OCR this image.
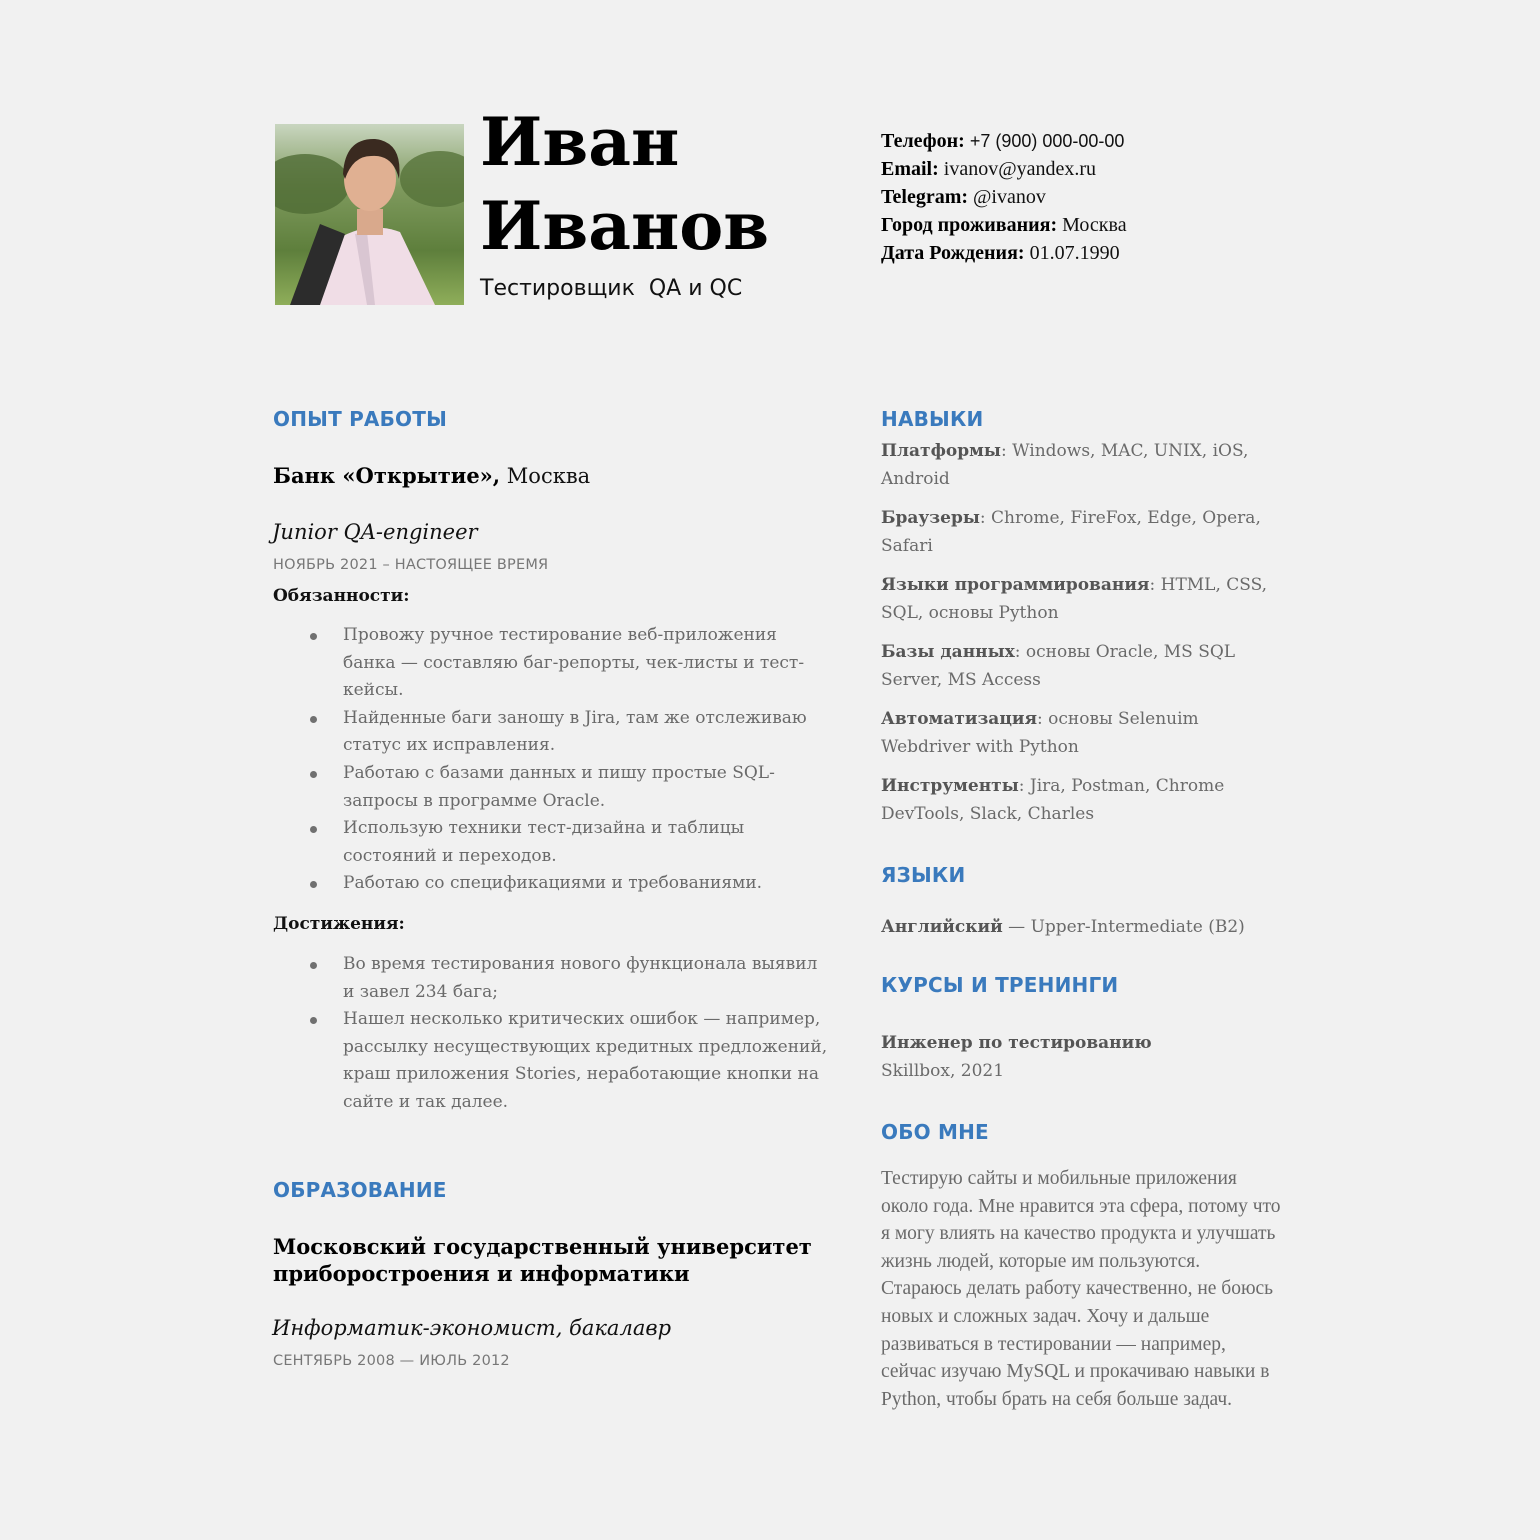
Иван
Иванов
Тестировщик  QA и QC
Телефон: +7 (900) 000-00-00
Email: ivanov@yandex.ru
Telegram: @ivanov
Город проживания: Москва
Дата Рождения: 01.07.1990
ОПЫТ РАБОТЫ
Банк «Открытие», Москва
Junior QA-engineer
НОЯБРЬ 2021 – НАСТОЯЩЕЕ ВРЕМЯ
Обязанности:
Провожу ручное тестирование веб-приложения банка — составляю баг-репорты, чек-листы и тест-кейсы.
Найденные баги заношу в Jira, там же отслеживаю статус их исправления.
Работаю с базами данных и пишу простые SQL-запросы в программе Oracle.
Использую техники тест-дизайна и таблицы состояний и переходов.
Работаю со спецификациями и требованиями.
Достижения:
Во время тестирования нового функционала выявил и завел 234 бага;
Нашел несколько критических ошибок — например, рассылку несуществующих кредитных предложений, краш приложения Stories, неработающие кнопки на сайте и так далее.
ОБРАЗОВАНИЕ
Московский государственный университет приборостроения и информатики
Информатик-экономист, бакалавр
СЕНТЯБРЬ 2008 — ИЮЛЬ 2012
НАВЫКИ
Платформы: Windows, MAC, UNIX, iOS, Android
Браузеры: Chrome, FireFox, Edge, Opera, Safari
Языки программирования: HTML, CSS, SQL, основы Python
Базы данных: основы Oracle, MS SQL Server, MS Access
Автоматизация: основы Selenuim Webdriver with Python
Инструменты: Jira, Postman, Chrome DevTools, Slack, Charles
ЯЗЫКИ
Английский — Upper-Intermediate (B2)
КУРСЫ И ТРЕНИНГИ
Инженер по тестированию
Skillbox, 2021
ОБО МНЕ
Тестирую сайты и мобильные приложения около года. Мне нравится эта сфера, потому что я могу влиять на качество продукта и улучшать жизнь людей, которые им пользуются. Стараюсь делать работу качественно, не боюсь новых и сложных задач. Хочу и дальше развиваться в тестировании — например, сейчас изучаю MySQL и прокачиваю навыки в Python, чтобы брать на себя больше задач.
